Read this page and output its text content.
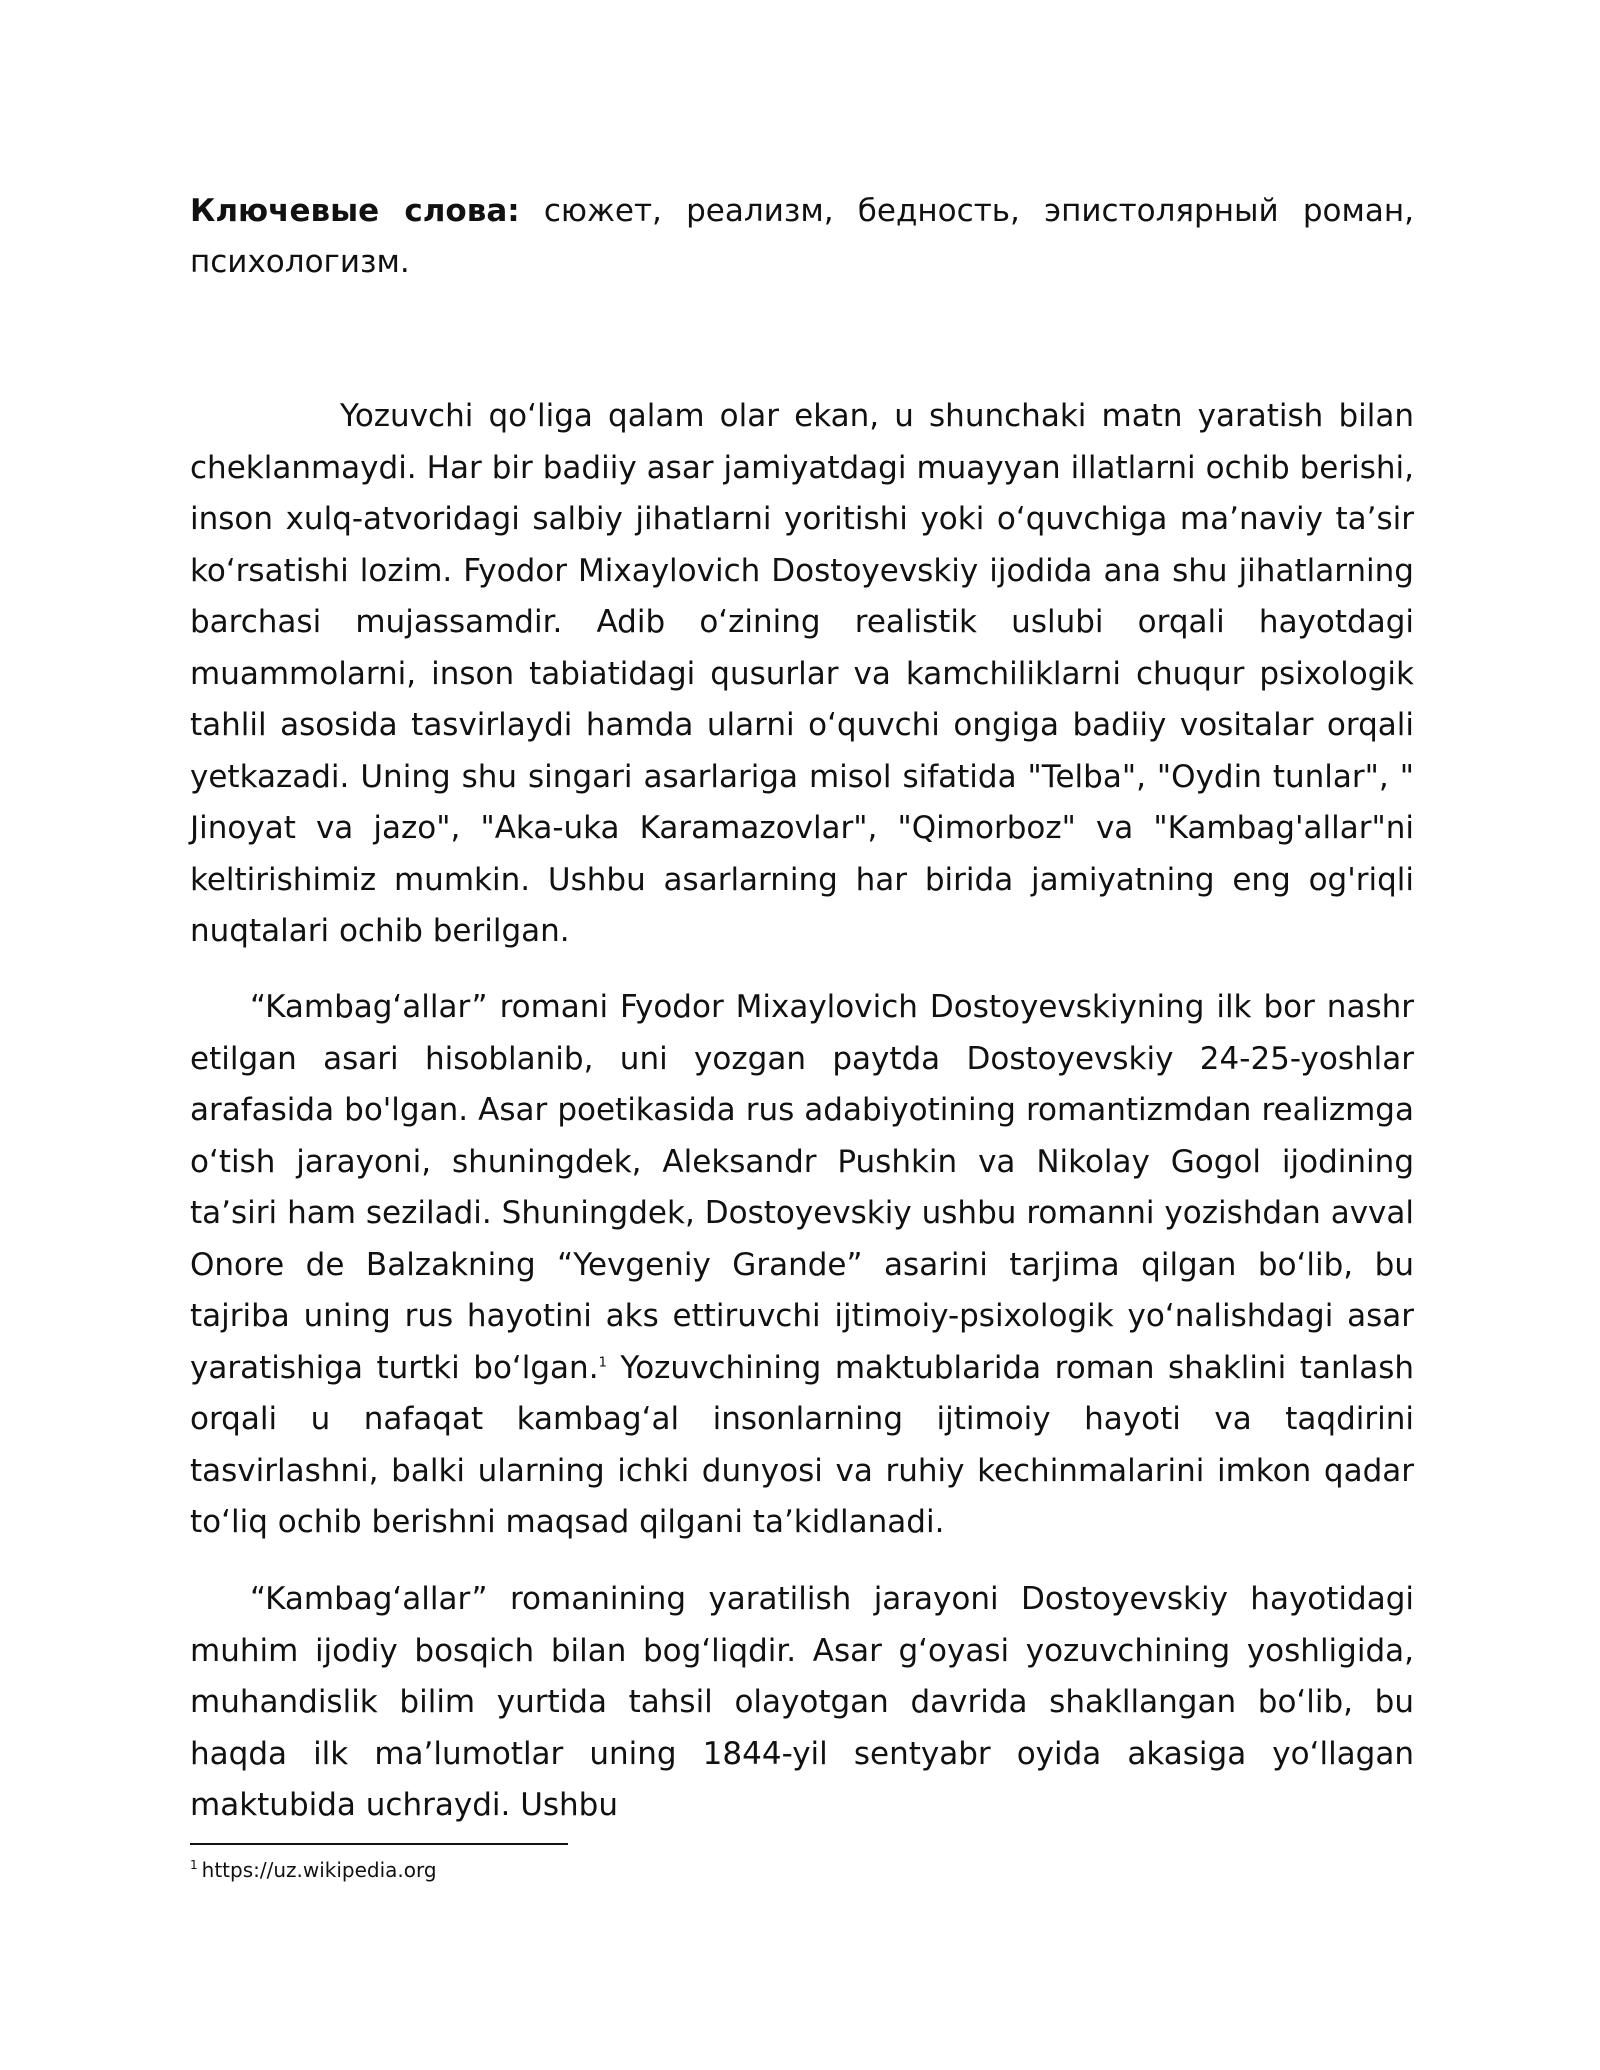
Ключевые слова: сюжет, реализм, бедность, эпистолярный роман, психологизм.

Yozuvchi qoʻliga qalam olar ekan, u shunchaki matn yaratish bilan cheklanmaydi. Har bir badiiy asar jamiyatdagi muayyan illatlarni ochib berishi, inson xulq-atvoridagi salbiy jihatlarni yoritishi yoki oʻquvchiga maʼnaviy taʼsir koʻrsatishi lozim. Fyodor Mixaylovich Dostoyevskiy ijodida ana shu jihatlarning barchasi mujassamdir. Adib oʻzining realistik uslubi orqali hayotdagi muammolarni, inson tabiatidagi qusurlar va kamchiliklarni chuqur psixologik tahlil asosida tasvirlaydi hamda ularni oʻquvchi ongiga badiiy vositalar orqali yetkazadi. Uning shu singari asarlariga misol sifatida "Telba", "Oydin tunlar", " Jinoyat va jazo", "Aka-uka Karamazovlar", "Qimorboz" va "Kambag'allar"ni keltirishimiz mumkin. Ushbu asarlarning har birida jamiyatning eng og'riqli nuqtalari ochib berilgan.

“Kambagʻallar” romani Fyodor Mixaylovich Dostoyevskiyning ilk bor nashr etilgan asari hisoblanib, uni yozgan paytda Dostoyevskiy 24-25-yoshlar arafasida bo'lgan. Asar poetikasida rus adabiyotining romantizmdan realizmga oʻtish jarayoni, shuningdek, Aleksandr Pushkin va Nikolay Gogol ijodining taʼsiri ham seziladi. Shuningdek, Dostoyevskiy ushbu romanni yozishdan avval Onore de Balzakning “Yevgeniy Grande” asarini tarjima qilgan boʻlib, bu tajriba uning rus hayotini aks ettiruvchi ijtimoiy-psixologik yoʻnalishdagi asar yaratishiga turtki boʻlgan.$^1$ Yozuvchining maktublarida roman shaklini tanlash orqali u nafaqat kambagʻal insonlarning ijtimoiy hayoti va taqdirini tasvirlashni, balki ularning ichki dunyosi va ruhiy kechinmalarini imkon qadar toʻliq ochib berishni maqsad qilgani taʼkidlanadi.

“Kambagʻallar” romanining yaratilish jarayoni Dostoyevskiy hayotidagi muhim ijodiy bosqich bilan bogʻliqdir. Asar gʻoyasi yozuvchining yoshligida, muhandislik bilim yurtida tahsil olayotgan davrida shakllangan boʻlib, bu haqda ilk maʼlumotlar uning 1844-yil sentyabr oyida akasiga yoʻllagan maktubida uchraydi. Ushbu

$^1$ https://uz.wikipedia.org
